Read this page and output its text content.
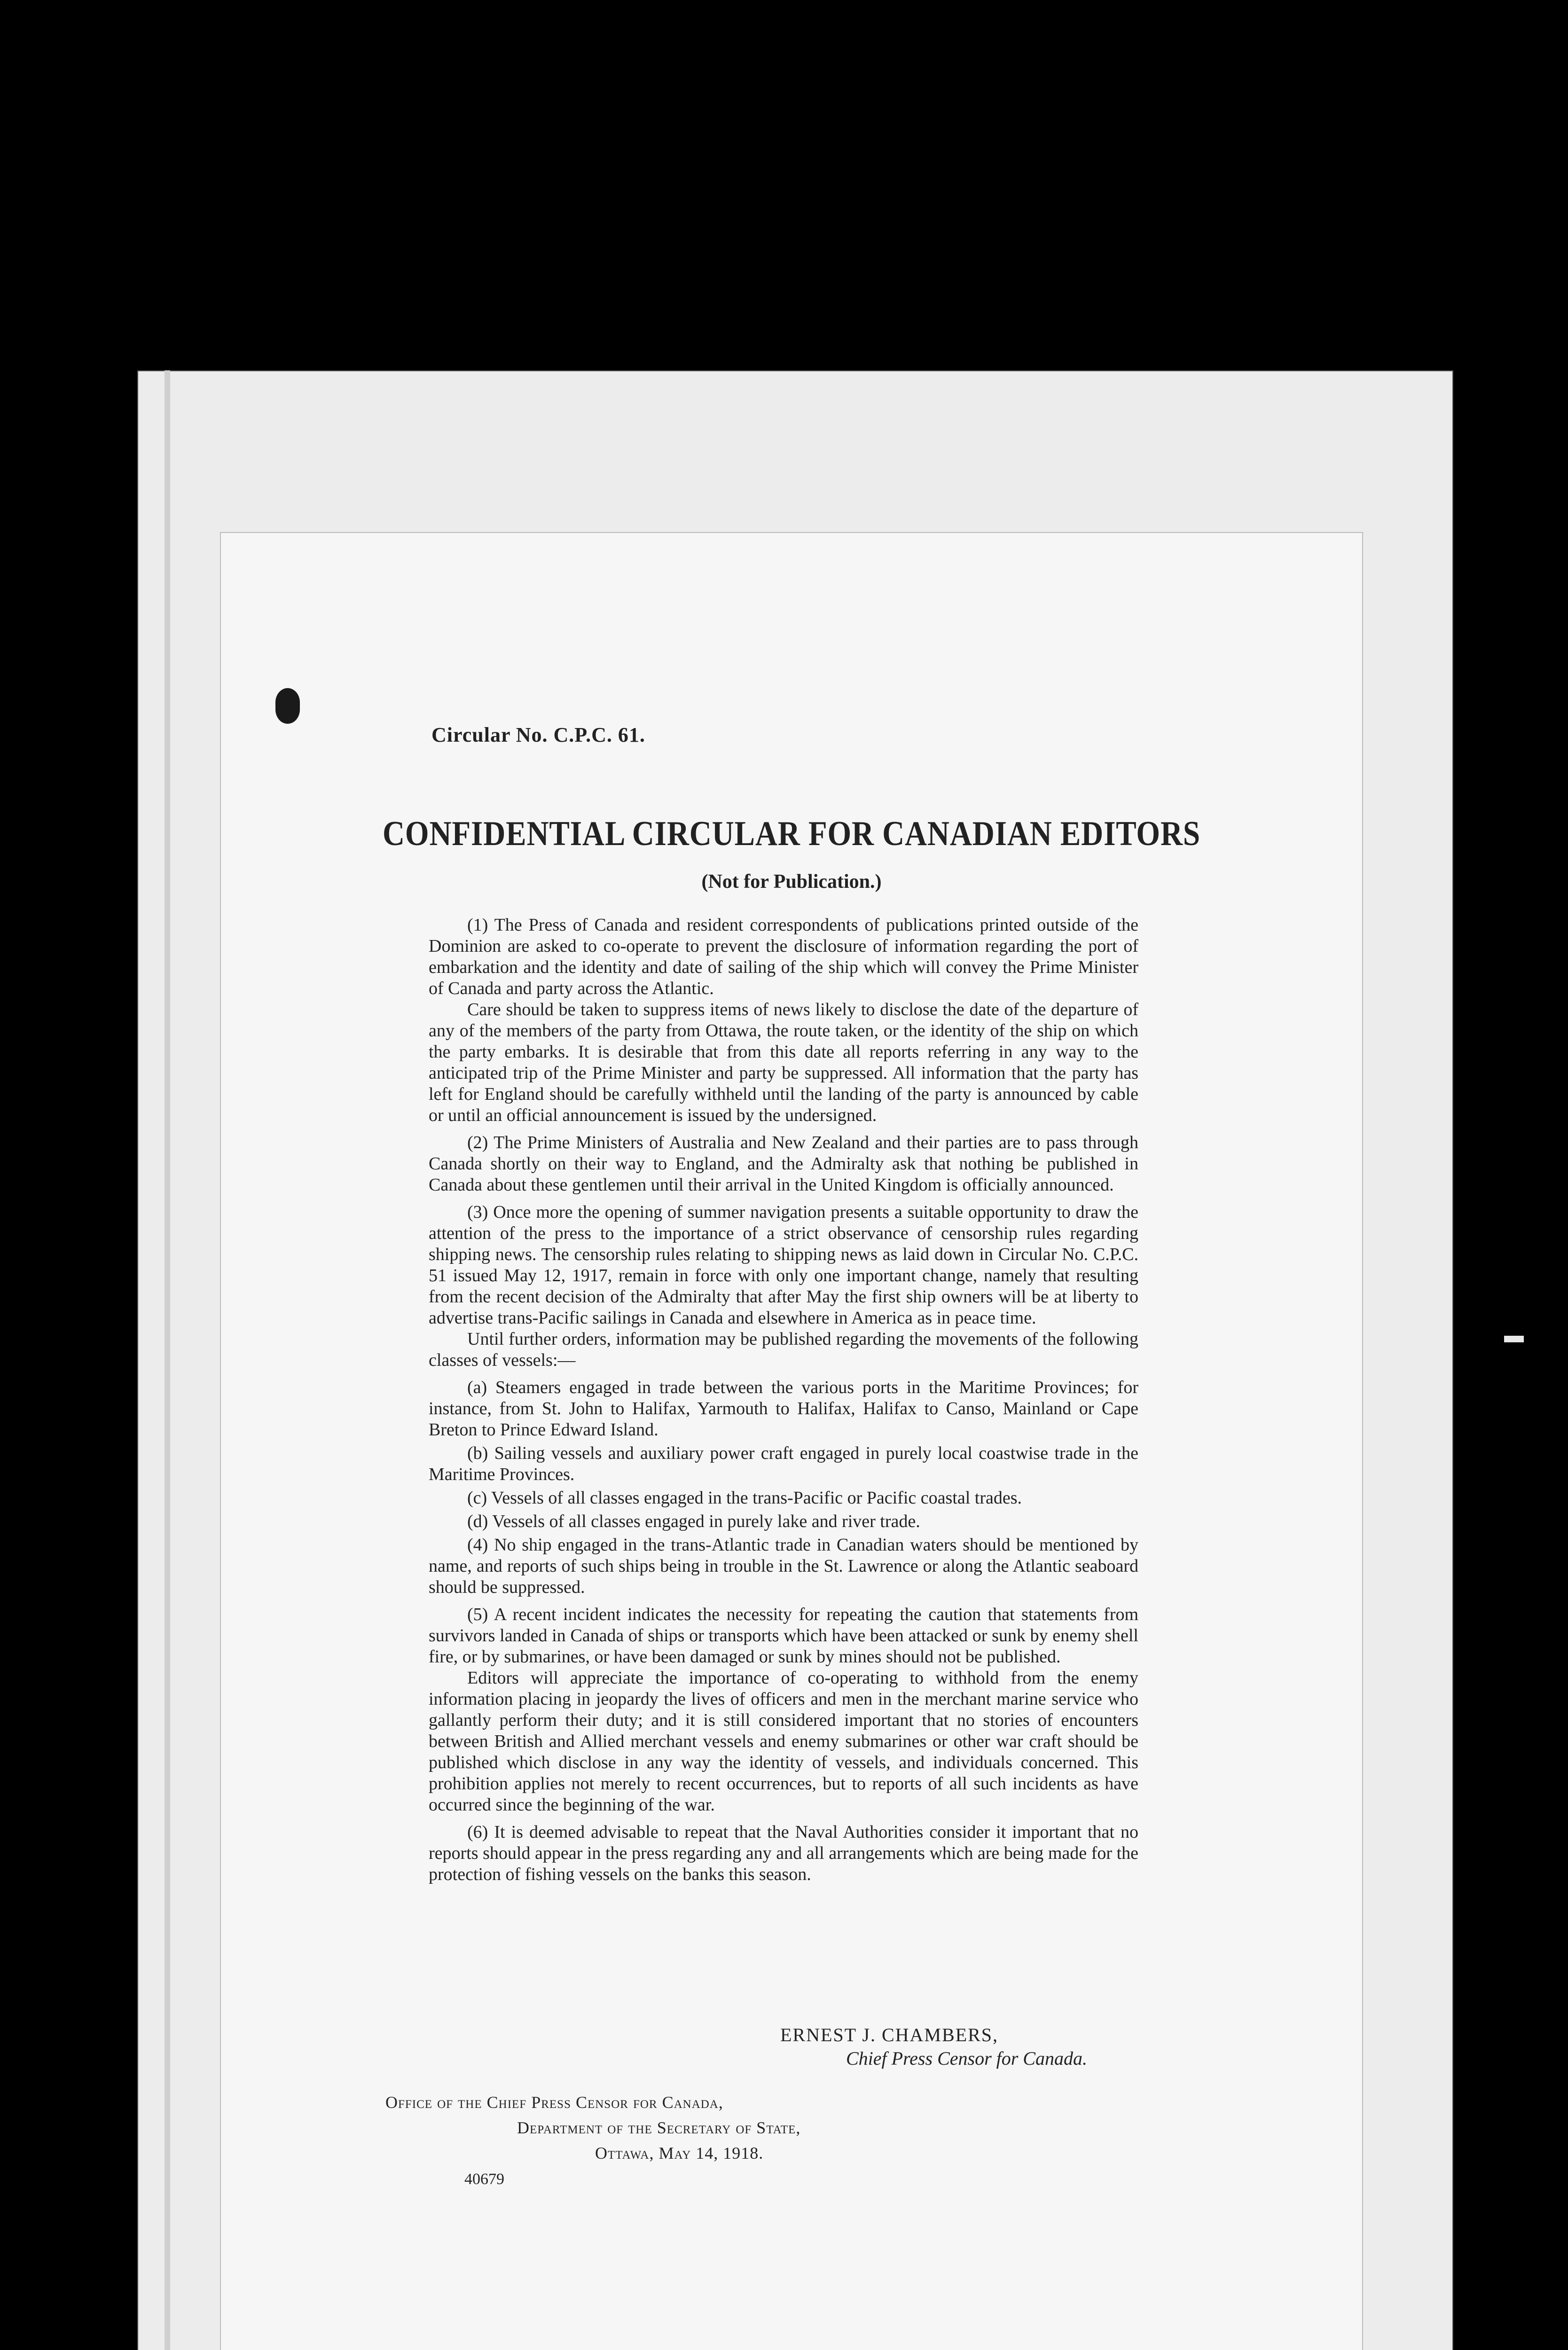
Circular No. C.P.C. 61.

CONFIDENTIAL CIRCULAR FOR CANADIAN EDITORS

(Not for Publication.)

(1) The Press of Canada and resident correspondents of publications printed outside of the Dominion are asked to co-operate to prevent the disclosure of information regarding the port of embarkation and the identity and date of sailing of the ship which will convey the Prime Minister of Canada and party across the Atlantic.

Care should be taken to suppress items of news likely to disclose the date of the departure of any of the members of the party from Ottawa, the route taken, or the identity of the ship on which the party embarks. It is desirable that from this date all reports referring in any way to the anticipated trip of the Prime Minister and party be suppressed. All information that the party has left for England should be carefully withheld until the landing of the party is announced by cable or until an official announcement is issued by the undersigned.

(2) The Prime Ministers of Australia and New Zealand and their parties are to pass through Canada shortly on their way to England, and the Admiralty ask that nothing be published in Canada about these gentlemen until their arrival in the United Kingdom is officially announced.

(3) Once more the opening of summer navigation presents a suitable opportunity to draw the attention of the press to the importance of a strict observance of censorship rules regarding shipping news. The censorship rules relating to shipping news as laid down in Circular No. C.P.C. 51 issued May 12, 1917, remain in force with only one important change, namely that resulting from the recent decision of the Admiralty that after May the first ship owners will be at liberty to advertise trans-Pacific sailings in Canada and elsewhere in America as in peace time.

Until further orders, information may be published regarding the movements of the following classes of vessels:—

(a) Steamers engaged in trade between the various ports in the Maritime Provinces; for instance, from St. John to Halifax, Yarmouth to Halifax, Halifax to Canso, Mainland or Cape Breton to Prince Edward Island.

(b) Sailing vessels and auxiliary power craft engaged in purely local coastwise trade in the Maritime Provinces.

(c) Vessels of all classes engaged in the trans-Pacific or Pacific coastal trades.

(d) Vessels of all classes engaged in purely lake and river trade.

(4) No ship engaged in the trans-Atlantic trade in Canadian waters should be mentioned by name, and reports of such ships being in trouble in the St. Lawrence or along the Atlantic seaboard should be suppressed.

(5) A recent incident indicates the necessity for repeating the caution that statements from survivors landed in Canada of ships or transports which have been attacked or sunk by enemy shell fire, or by submarines, or have been damaged or sunk by mines should not be published.

Editors will appreciate the importance of co-operating to withhold from the enemy information placing in jeopardy the lives of officers and men in the merchant marine service who gallantly perform their duty; and it is still considered important that no stories of encounters between British and Allied merchant vessels and enemy submarines or other war craft should be published which disclose in any way the identity of vessels, and individuals concerned. This prohibition applies not merely to recent occurrences, but to reports of all such incidents as have occurred since the beginning of the war.

(6) It is deemed advisable to repeat that the Naval Authorities consider it important that no reports should appear in the press regarding any and all arrangements which are being made for the protection of fishing vessels on the banks this season.

ERNEST J. CHAMBERS,

Chief Press Censor for Canada.

Office of the Chief Press Censor for Canada,

Department of the Secretary of State,

Ottawa, May 14, 1918.

40679
